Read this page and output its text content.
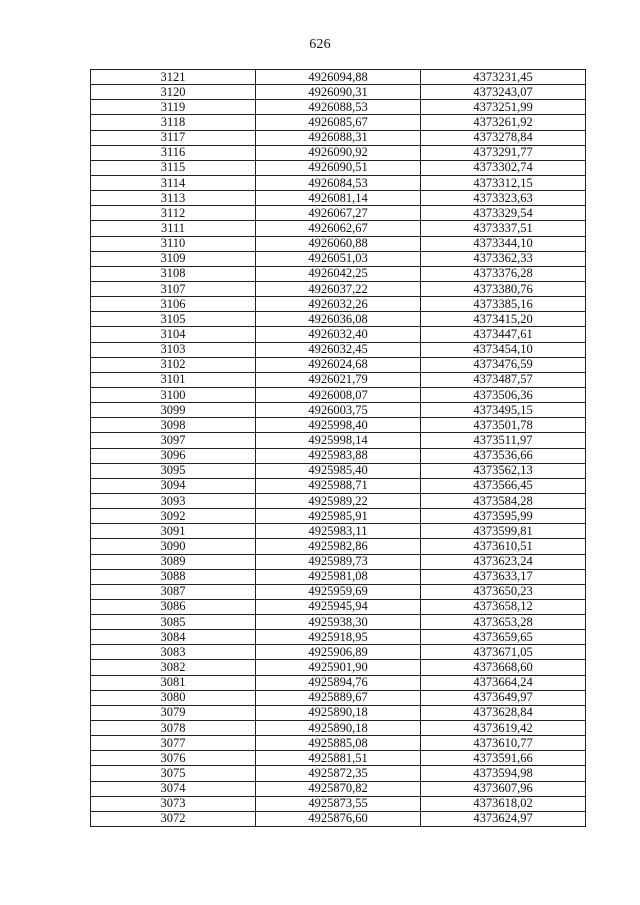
626
3121	4926094,88	4373231,45
3120	4926090,31	4373243,07
3119	4926088,53	4373251,99
3118	4926085,67	4373261,92
3117	4926088,31	4373278,84
3116	4926090,92	4373291,77
3115	4926090,51	4373302,74
3114	4926084,53	4373312,15
3113	4926081,14	4373323,63
3112	4926067,27	4373329,54
3111	4926062,67	4373337,51
3110	4926060,88	4373344,10
3109	4926051,03	4373362,33
3108	4926042,25	4373376,28
3107	4926037,22	4373380,76
3106	4926032,26	4373385,16
3105	4926036,08	4373415,20
3104	4926032,40	4373447,61
3103	4926032,45	4373454,10
3102	4926024,68	4373476,59
3101	4926021,79	4373487,57
3100	4926008,07	4373506,36
3099	4926003,75	4373495,15
3098	4925998,40	4373501,78
3097	4925998,14	4373511,97
3096	4925983,88	4373536,66
3095	4925985,40	4373562,13
3094	4925988,71	4373566,45
3093	4925989,22	4373584,28
3092	4925985,91	4373595,99
3091	4925983,11	4373599,81
3090	4925982,86	4373610,51
3089	4925989,73	4373623,24
3088	4925981,08	4373633,17
3087	4925959,69	4373650,23
3086	4925945,94	4373658,12
3085	4925938,30	4373653,28
3084	4925918,95	4373659,65
3083	4925906,89	4373671,05
3082	4925901,90	4373668,60
3081	4925894,76	4373664,24
3080	4925889,67	4373649,97
3079	4925890,18	4373628,84
3078	4925890,18	4373619,42
3077	4925885,08	4373610,77
3076	4925881,51	4373591,66
3075	4925872,35	4373594,98
3074	4925870,82	4373607,96
3073	4925873,55	4373618,02
3072	4925876,60	4373624,97
